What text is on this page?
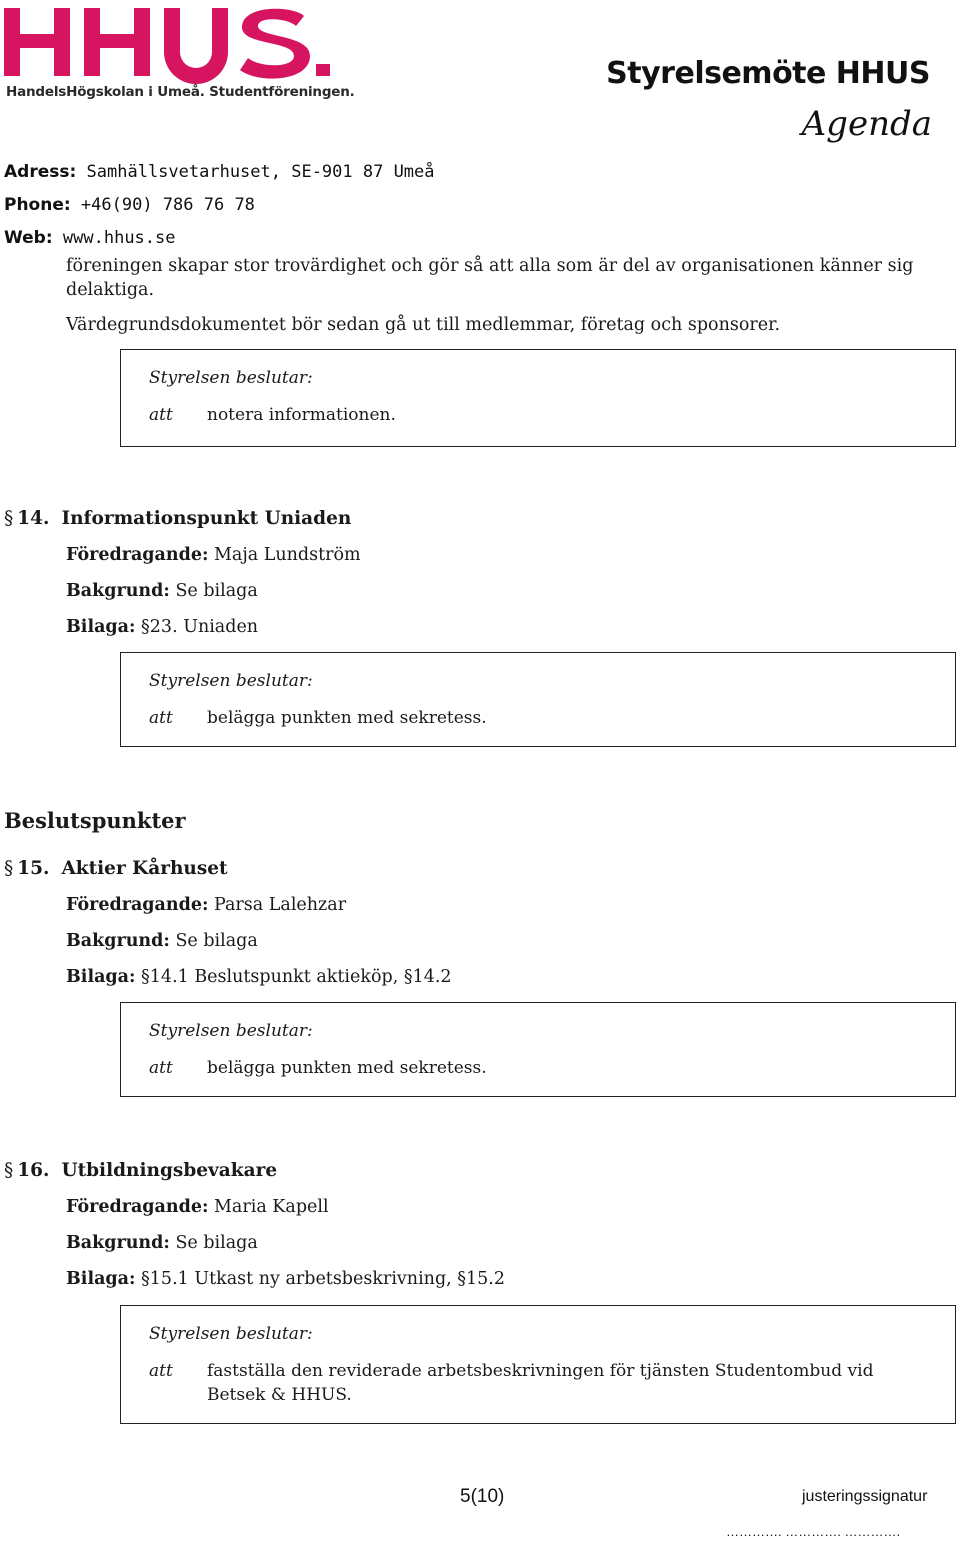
HandelsHögskolan i Umeå. Studentföreningen.
Styrelsemöte HHUS
Agenda
Adress: Samhällsvetarhuset, SE-901 87 Umeå
Phone: +46(90) 786 76 78
Web: www.hhus.se
föreningen skapar stor trovärdighet och gör så att alla som är del av organisationen känner sig
delaktiga.
Värdegrundsdokumentet bör sedan gå ut till medlemmar, företag och sponsorer.
Styrelsen beslutar:
att notera informationen.
§ 14. Informationspunkt Uniaden
Föredragande: Maja Lundström
Bakgrund: Se bilaga
Bilaga: §23. Uniaden
Styrelsen beslutar:
att belägga punkten med sekretess.
Beslutspunkter
§ 15. Aktier Kårhuset
Föredragande: Parsa Lalehzar
Bakgrund: Se bilaga
Bilaga: §14.1 Beslutspunkt aktieköp, §14.2
Styrelsen beslutar:
att belägga punkten med sekretess.
§ 16. Utbildningsbevakare
Föredragande: Maria Kapell
Bakgrund: Se bilaga
Bilaga: §15.1 Utkast ny arbetsbeskrivning, §15.2
Styrelsen beslutar:
att fastställa den reviderade arbetsbeskrivningen för tjänsten Studentombud vid Betsek & HHUS.
5(10)	justeringssignatur
…………. …………. ………….
